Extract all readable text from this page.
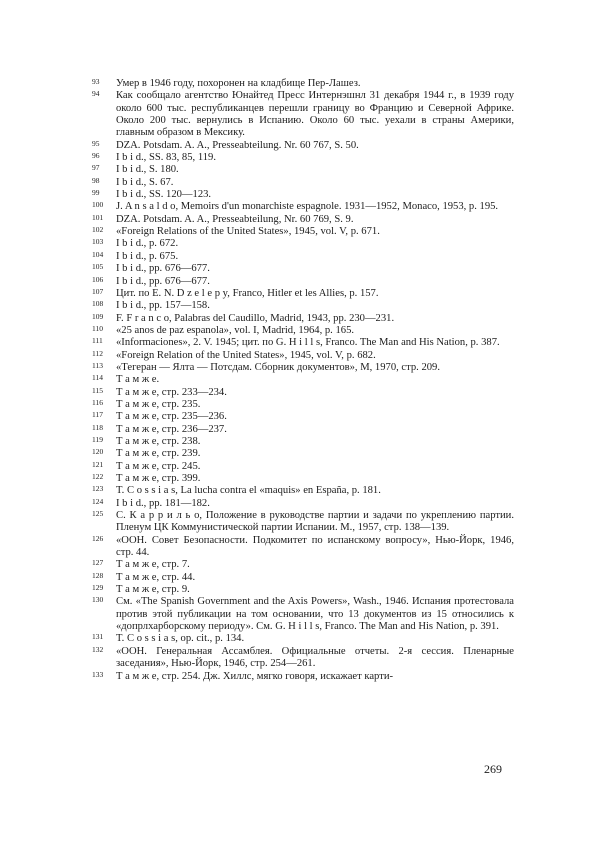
93	Умер в 1946 году, похоронен на кладбище Пер-Лашез.
94	Как сообщало агентство Юнайтед Пресс Интернэшнл 31 декабря 1944 г., в 1939 году около 600 тыс. республиканцев перешли границу во Францию и Северной Африке. Около 200 тыс. вернулись в Испанию. Около 60 тыс. уехали в страны Америки, главным образом в Мексику.
95	DZA. Potsdam. A. A., Presseabteilung. Nr. 60 767, S. 50.
96	I b i d., SS. 83, 85, 119.
97	I b i d., S. 180.
98	I b i d., S. 67.
99	I b i d., SS. 120—123.
100	J. A n s a l d o, Memoirs d'un monarchiste espagnole. 1931—1952, Monaco, 1953, p. 195.
101	DZA. Potsdam. A. A., Presseabteilung, Nr. 60 769, S. 9.
102	«Foreign Relations of the United States», 1945, vol. V, p. 671.
103	I b i d., p. 672.
104	I b i d., p. 675.
105	I b i d., pp. 676—677.
106	I b i d., pp. 676—677.
107	Цит. по E. N. D z e l e p y, Franco, Hitler et les Allies, p. 157.
108	I b i d., pp. 157—158.
109	F. F r a n c o, Palabras del Caudillo, Madrid, 1943, pp. 230—231.
110	«25 anos de paz espanola», vol. I, Madrid, 1964, p. 165.
111	«Informaciones», 2. V. 1945; цит. по G. H i l l s, Franco. The Man and His Nation, p. 387.
112	«Foreign Relation of the United States», 1945, vol. V, p. 682.
113	«Тегеран — Ялта — Потсдам. Сборник документов», М, 1970, стр. 209.
114	Т а м ж е.
115	Т а м ж е, стр. 233—234.
116	Т а м ж е, стр. 235.
117	Т а м ж е, стр. 235—236.
118	Т а м ж е, стр. 236—237.
119	Т а м ж е, стр. 238.
120	Т а м ж е, стр. 239.
121	Т а м ж е, стр. 245.
122	Т а м ж е, стр. 399.
123	T. C o s s i a s, La lucha contra el «maquis» en España, p. 181.
124	I b i d., pp. 181—182.
125	С. К а р р и л ь о, Положение в руководстве партии и задачи по укреплению партии. Пленум ЦК Коммунистической партии Испании. М., 1957, стр. 138—139.
126	«ООН. Совет Безопасности. Подкомитет по испанскому вопросу», Нью-Йорк, 1946, стр. 44.
127	Т а м ж е, стр. 7.
128	Т а м ж е, стр. 44.
129	Т а м ж е, стр. 9.
130	См. «The Spanish Government and the Axis Powers», Wash., 1946. Испания протестовала против этой публикации на том основании, что 13 документов из 15 относились к «допрлхарборскому периоду». См. G. H i l l s, Franco. The Man and His Nation, p. 391.
131	T. C o s s i a s, op. cit., p. 134.
132	«ООН. Генеральная Ассамблея. Официальные отчеты. 2-я сессия. Пленарные заседания», Нью-Йорк, 1946, стр. 254—261.
133	Т а м ж е, стр. 254. Дж. Хиллс, мягко говоря, искажает карти-
269
